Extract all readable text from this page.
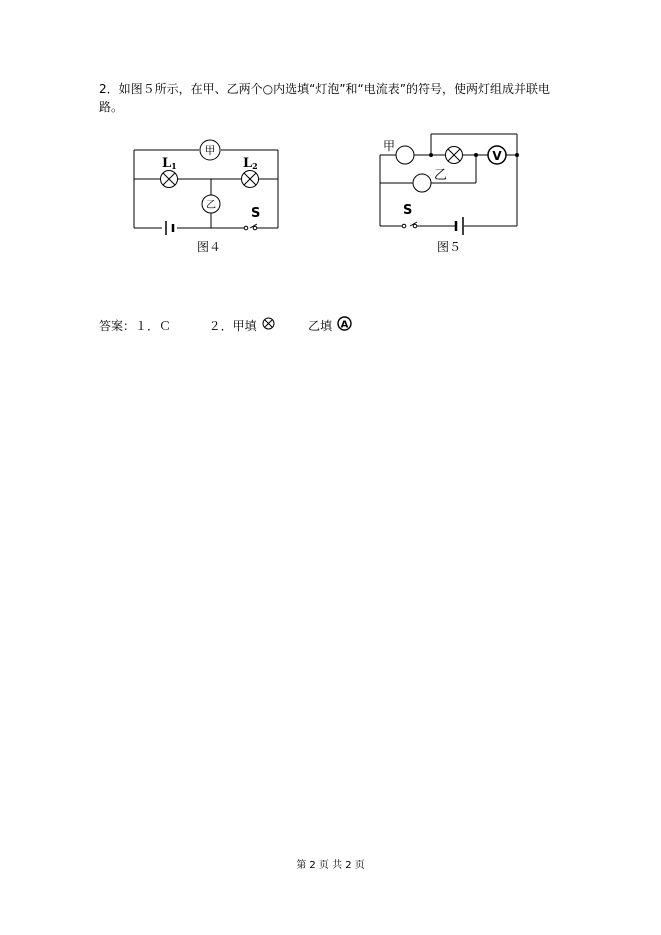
2．如图５所示，在甲、乙两个○内选填“灯泡”和“电流表”的符号，使两灯组成并联电路。
甲
乙
L1	L2
S
图４
V
甲
乙
S
图５
答案：１．Ｃ	２．甲填	乙填 A
第 2 页 共 2 页
